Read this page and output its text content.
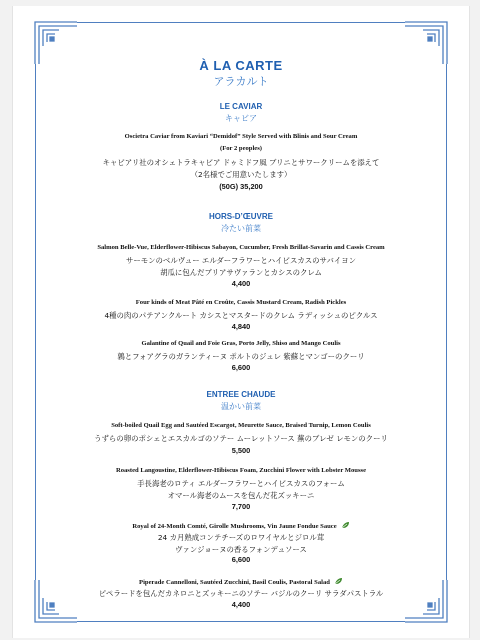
À LA CARTE
アラカルト
LE CAVIAR
キャビア
Oscietra Caviar from Kaviari “Demidof” Style Served with Blinis and Sour Cream
(For 2 peoples)
キャビアリ社のオシェトラキャビア ドゥミドフ風 ブリニとサワークリームを添えて
（2名様でご用意いたします）
(50G) 35,200
HORS-D’ŒUVRE
冷たい前菜
Salmon Belle-Vue, Elderflower-Hibiscus Sabayon, Cucumber, Fresh Brillat-Savarin and Cassis Cream
サーモンのベルヴュー エルダーフラワーとハイビスカスのサバイヨン
胡瓜に包んだブリアサヴァランとカシスのクレム
4,400
Four kinds of Meat Pâté en Croûte, Cassis Mustard Cream, Radish Pickles
4種の肉のパテアンクルート カシスとマスタードのクレム ラディッシュのピクルス
4,840
Galantine of Quail and Foie Gras, Porto Jelly, Shiso and Mango Coulis
鶉とフォアグラのガランティーヌ ポルトのジュレ 紫蘇とマンゴーのクーリ
6,600
ENTREE CHAUDE
温かい前菜
Soft-boiled Quail Egg and Sautéed Escargot, Meurette Sauce, Braised Turnip, Lemon Coulis
うずらの卵のポシェとエスカルゴのソテー ムーレットソース 蕪のブレゼ レモンのクーリ
5,500
Roasted Langoustine, Elderflower-Hibiscus Foam, Zucchini Flower with Lobster Mousse
手長海老のロティ エルダーフラワーとハイビスカスのフォーム
オマール海老のムースを包んだ花ズッキーニ
7,700
Royal of 24-Month Comté, Girolle Mushrooms, Vin Jaune Fondue Sauce
24 カ月熟成コンテチーズのロワイヤルとジロル茸
ヴァンジョーヌの香るフォンデュソース
6,600
Piperade Cannelloni, Sautéed Zucchini, Basil Coulis, Pastoral Salad
ピペラードを包んだカネロニとズッキーニのソテー バジルのクーリ サラダパストラル
4,400
